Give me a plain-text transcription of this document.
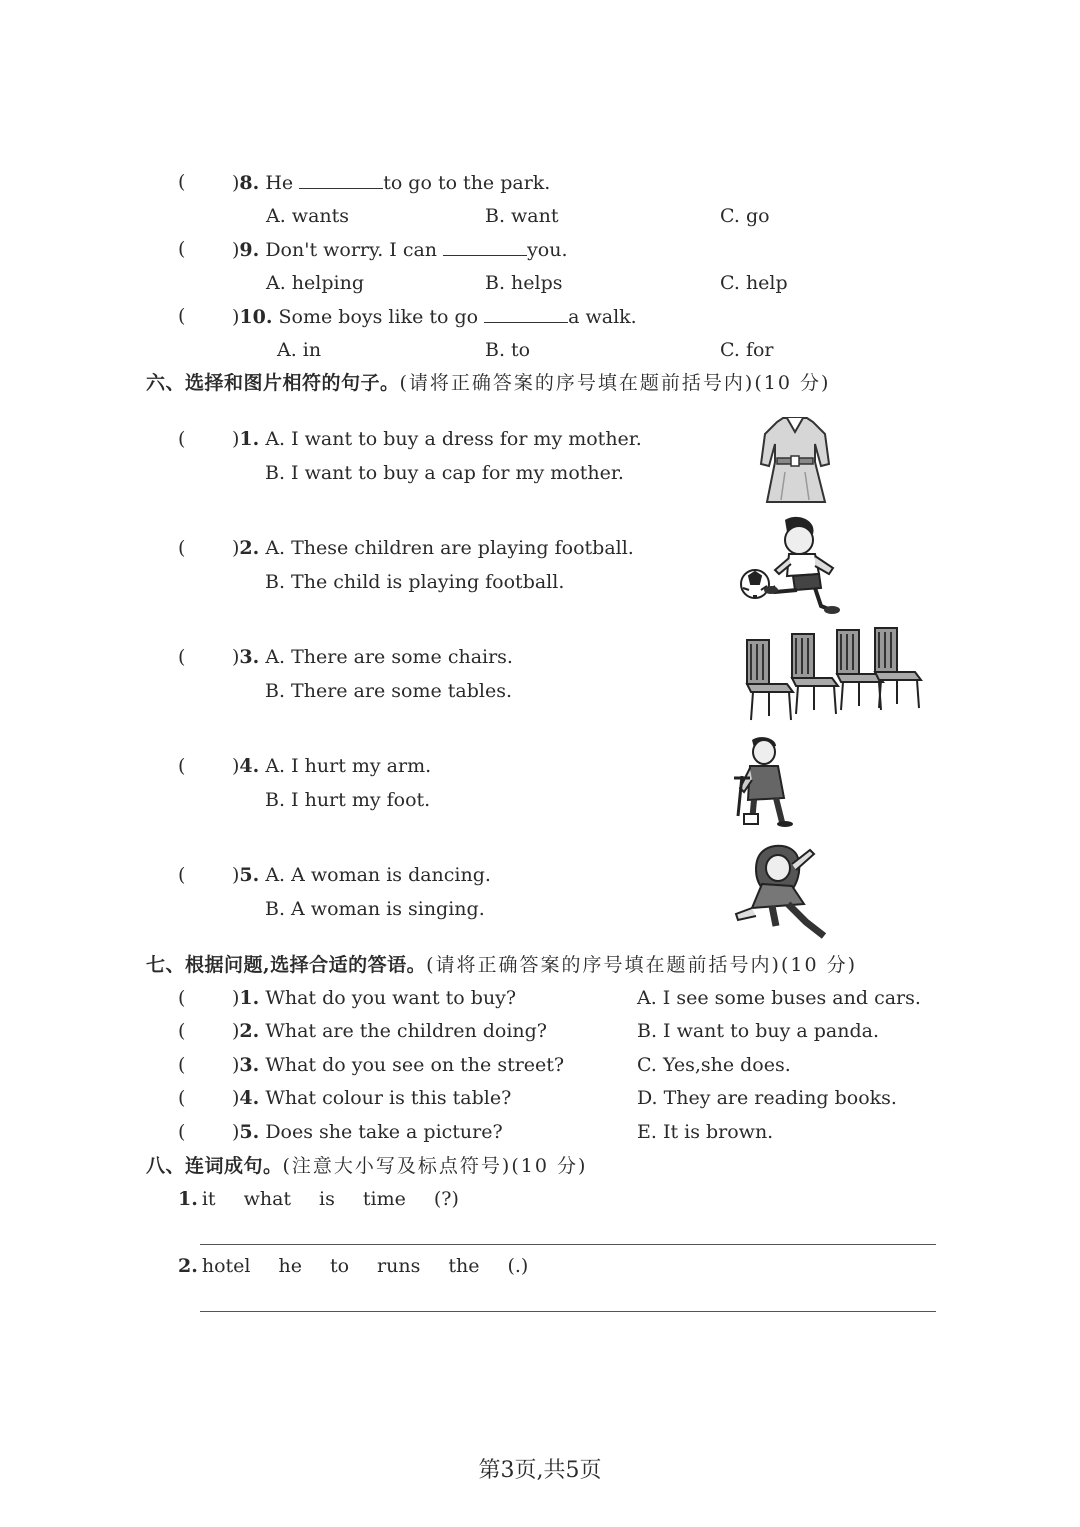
( )8. He	to go to the park.
A. wants	B. want	C. go
( )9. Don't worry. I can	you.
A. helping	B. helps	C. help
( )10. Some boys like to go	a walk.
A. in	B. to	C. for
六、选择和图片相符的句子。(请将正确答案的序号填在题前括号内)(10 分)
( )1. A. I want to buy a dress for my mother.
B. I want to buy a cap for my mother.
( )2. A. These children are playing football.
B. The child is playing football.
( )3. A. There are some chairs.
B. There are some tables.
( )4. A. I hurt my arm.
B. I hurt my foot.
( )5. A. A woman is dancing.
B. A woman is singing.
七、根据问题,选择合适的答语。(请将正确答案的序号填在题前括号内)(10 分)
( )1. What do you want to buy?	A. I see some buses and cars.
( )2. What are the children doing?	B. I want to buy a panda.
( )3. What do you see on the street?	C. Yes,she does.
( )4. What colour is this table?	D. They are reading books.
( )5. Does she take a picture?	E. It is brown.
八、连词成句。(注意大小写及标点符号)(10 分)
1. it what is time (?)
2. hotel he to runs the (.)
第3页,共5页
